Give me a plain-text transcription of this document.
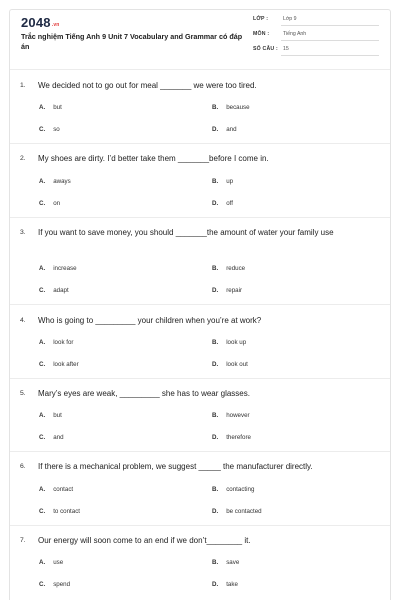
2048.vn
Trắc nghiệm Tiếng Anh 9 Unit 7 Vocabulary and Grammar có đáp án
LỚP :	Lớp 9
MÔN :	Tiếng Anh
SỐ CÂU : 15
1. We decided not to go out for meal _______ we were too tired.
A. but	B. because
C. so	D. and
2. My shoes are dirty. I’d better take them _______before I come in.
A. aways	B. up
C. on	D. off
3. If you want to save money, you should _______the amount of water your family use
A. increase	B. reduce
C. adapt	D. repair
4. Who is going to _________ your children when you’re at work?
A. look for	B. look up
C. look after	D. look out
5. Mary’s eyes are weak, _________ she has to wear glasses.
A. but	B. however
C. and	D. therefore
6. If there is a mechanical problem, we suggest _____ the manufacturer directly.
A. contact	B. contacting
C. to contact	D. be contacted
7. Our energy will soon come to an end if we don’t________ it.
A. use	B. save
C. spend	D. take
